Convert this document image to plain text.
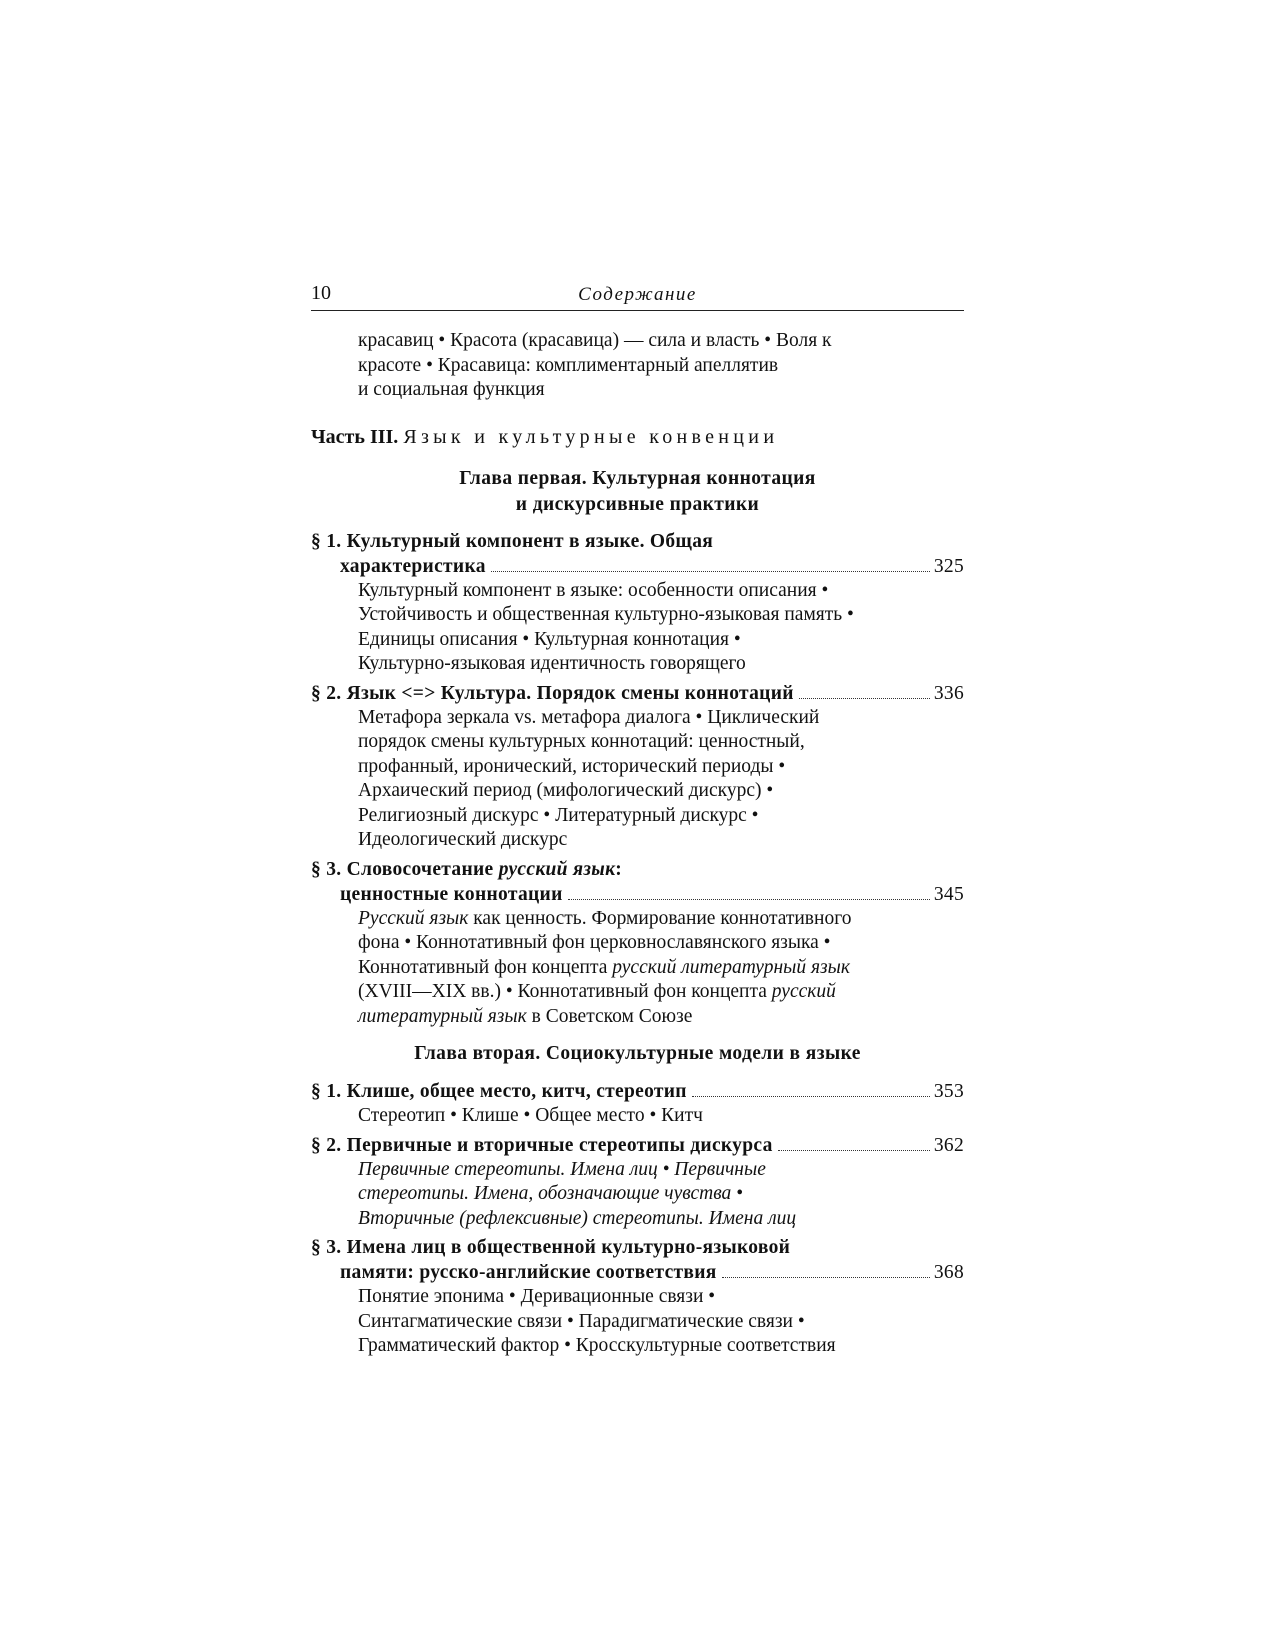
10	Содержание
красавиц • Красота (красавица) — сила и власть • Воля к
красоте • Красавица: комплиментарный апеллятив
и социальная функция
Часть III. Язык и культурные конвенции
Глава первая. Культурная коннотация
и дискурсивные практики
§ 1. Культурный компонент в языке. Общая
характеристика	325
Культурный компонент в языке: особенности описания •
Устойчивость и общественная культурно-языковая память •
Единицы описания • Культурная коннотация •
Культурно-языковая идентичность говорящего
§ 2. Язык <=> Культура. Порядок смены коннотаций	336
Метафора зеркала vs. метафора диалога • Циклический
порядок смены культурных коннотаций: ценностный,
профанный, иронический, исторический периоды •
Архаический период (мифологический дискурс) •
Религиозный дискурс • Литературный дискурс •
Идеологический дискурс
§ 3. Словосочетание русский язык:
ценностные коннотации	345
Русский язык как ценность. Формирование коннотативного
фона • Коннотативный фон церковнославянского языка •
Коннотативный фон концепта русский литературный язык
(XVIII—XIX вв.) • Коннотативный фон концепта русский
литературный язык в Советском Союзе
Глава вторая. Социокультурные модели в языке
§ 1. Клише, общее место, китч, стереотип	353
Стереотип • Клише • Общее место • Китч
§ 2. Первичные и вторичные стереотипы дискурса	362
Первичные стереотипы. Имена лиц • Первичные
стереотипы. Имена, обозначающие чувства •
Вторичные (рефлексивные) стереотипы. Имена лиц
§ 3. Имена лиц в общественной культурно-языковой
памяти: русско-английские соответствия	368
Понятие эпонима • Деривационные связи •
Синтагматические связи • Парадигматические связи •
Грамматический фактор • Кросскультурные соответствия
